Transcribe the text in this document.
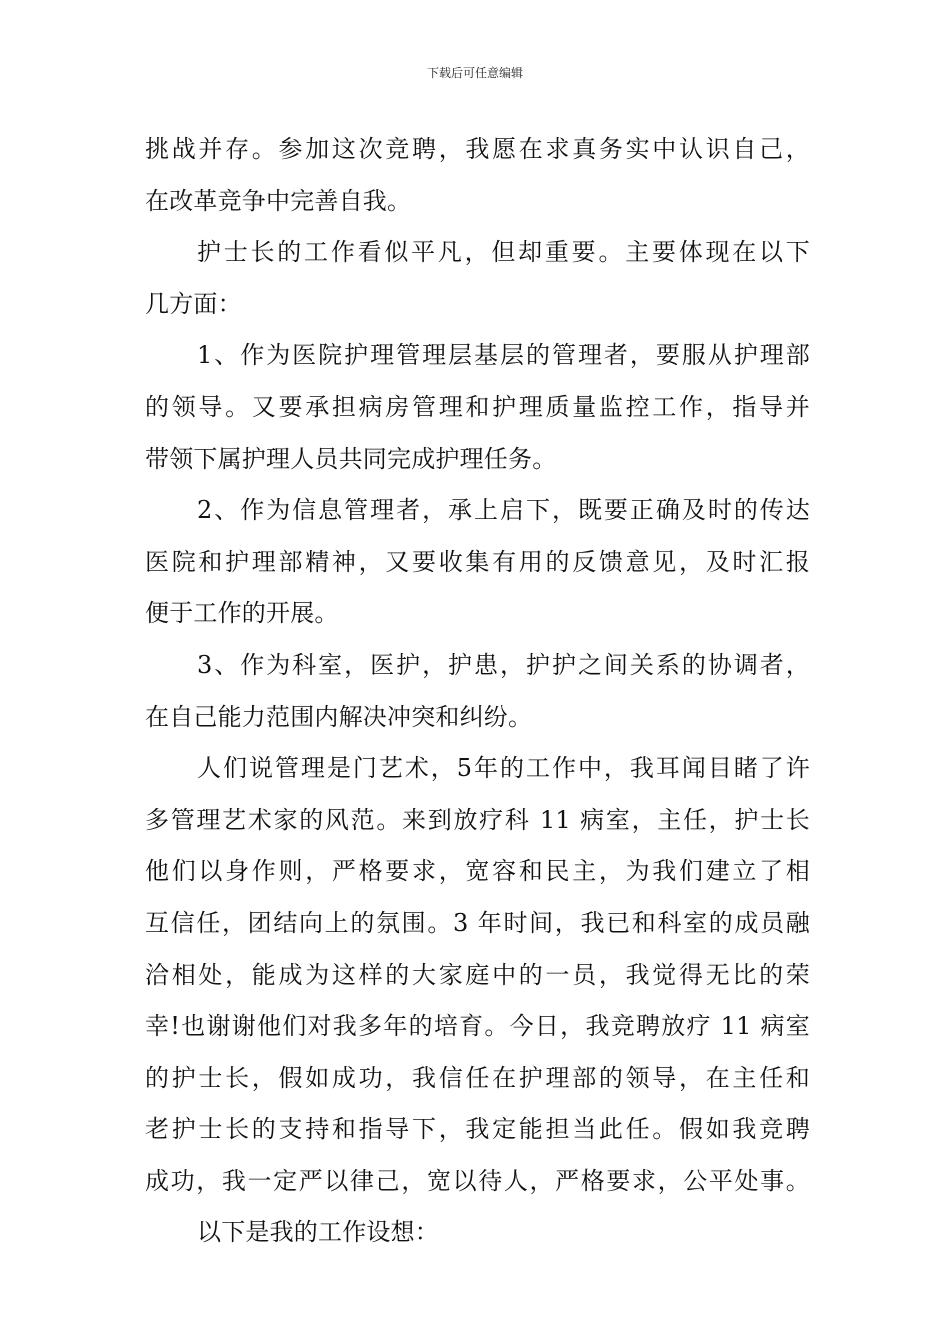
下载后可任意编辑
挑战并存。参加这次竞聘，我愿在求真务实中认识自己，
在改革竞争中完善自我。
护士长的工作看似平凡，但却重要。主要体现在以下
几方面：
1、作为医院护理管理层基层的管理者，要服从护理部
的领导。又要承担病房管理和护理质量监控工作，指导并
带领下属护理人员共同完成护理任务。
2、作为信息管理者，承上启下，既要正确及时的传达
医院和护理部精神，又要收集有用的反馈意见，及时汇报
便于工作的开展。
3、作为科室，医护，护患，护护之间关系的协调者，
在自己能力范围内解决冲突和纠纷。
人们说管理是门艺术，5年的工作中，我耳闻目睹了许
多管理艺术家的风范。来到放疗科 11 病室，主任，护士长
他们以身作则，严格要求，宽容和民主，为我们建立了相
互信任，团结向上的氛围。3 年时间，我已和科室的成员融
洽相处，能成为这样的大家庭中的一员，我觉得无比的荣
幸!也谢谢他们对我多年的培育。今日，我竞聘放疗 11 病室
的护士长，假如成功，我信任在护理部的领导，在主任和
老护士长的支持和指导下，我定能担当此任。假如我竞聘
成功，我一定严以律己，宽以待人，严格要求，公平处事。
以下是我的工作设想：
